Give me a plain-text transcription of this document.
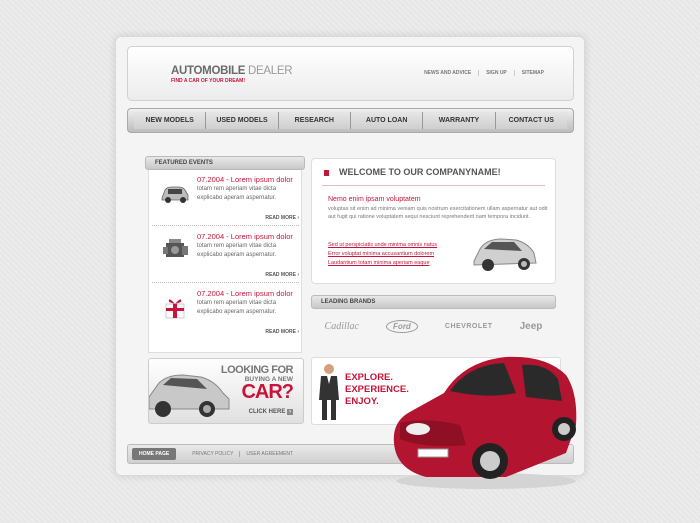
AUTOMOBILE DEALER
FIND A CAR OF YOUR DREAM!
NEWS AND ADVICE	SIGN UP	SITEMAP
NEW MODELS	USED MODELS	RESEARCH	AUTO LOAN	WARRANTY	CONTACT US
FEATURED EVENTS
07.2004 - Lorem ipsum dolor
totam rem aperiam vitae dicta
explicabo aperam aspernatur.
READ MORE ›
07.2004 - Lorem ipsum dolor
totam rem aperiam vitae dicta
explicabo aperam aspernatur.
READ MORE ›
07.2004 - Lorem ipsum dolor
totam rem aperiam vitae dicta
explicabo aperam aspernatur.
READ MORE ›
LOOKING FOR
BUYING A NEW
CAR?
CLICK HERE ›
WELCOME TO OUR COMPANYNAME!
Nemo enim ipsam voluptatem
voluptas sit enim ad minima veniam quis nostrum exercitationem ullam aspernatur aut odit aut fugit qui ratione voluptatem sequi nesciunt reprehenderit nam tempora incidunt.
Sed ut perspiciatis unde minima omnis natus
Error voluptat minima accusantium dolorem
Laudantium totam minima aperiam eaque
LEADING BRANDS
Cadillac	Ford	CHEVROLET	Jeep
EXPLORE.
EXPERIENCE.
ENJOY.
HOME PAGE	PRIVACY POLICY	USER AGREEMENT
